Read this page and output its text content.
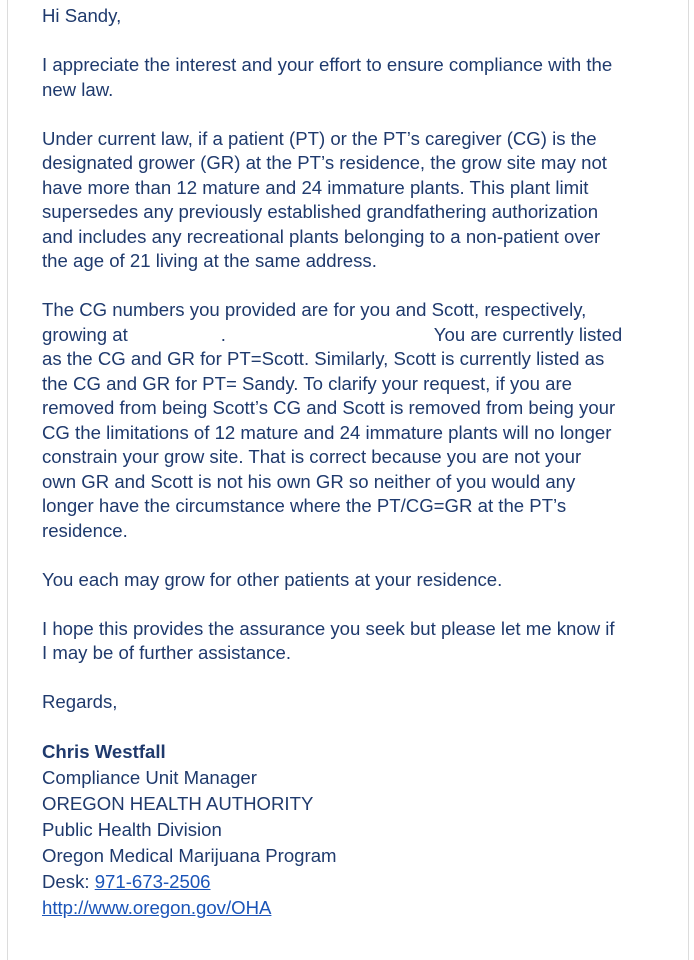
Hi Sandy,

I appreciate the interest and your effort to ensure compliance with the
new law.

Under current law, if a patient (PT) or the PT’s caregiver (CG) is the
designated grower (GR) at the PT’s residence, the grow site may not
have more than 12 mature and 24 immature plants. This plant limit
supersedes any previously established grandfathering authorization
and includes any recreational plants belonging to a non-patient over
the age of 21 living at the same address.

The CG numbers you provided are for you and Scott, respectively,
growing at	.	You are currently listed
as the CG and GR for PT=Scott. Similarly, Scott is currently listed as
the CG and GR for PT= Sandy. To clarify your request, if you are
removed from being Scott’s CG and Scott is removed from being your
CG the limitations of 12 mature and 24 immature plants will no longer
constrain your grow site. That is correct because you are not your
own GR and Scott is not his own GR so neither of you would any
longer have the circumstance where the PT/CG=GR at the PT’s
residence.

You each may grow for other patients at your residence.

I hope this provides the assurance you seek but please let me know if
I may be of further assistance.

Regards,

Chris Westfall
Compliance Unit Manager
OREGON HEALTH AUTHORITY
Public Health Division
Oregon Medical Marijuana Program
Desk: 971-673-2506
http://www.oregon.gov/OHA
